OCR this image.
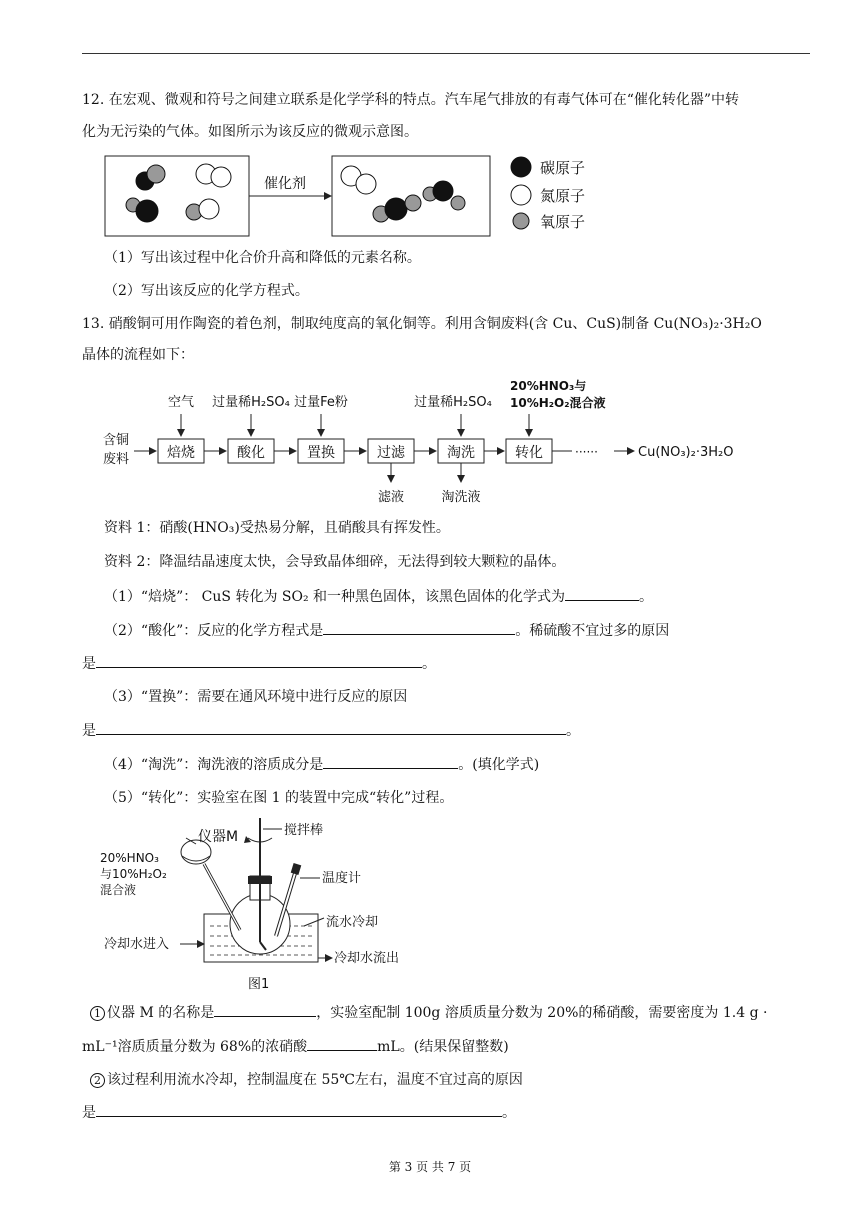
12. 在宏观、微观和符号之间建立联系是化学学科的特点。汽车尾气排放的有毒气体可在“催化转化器”中转
化为无污染的气体。如图所示为该反应的微观示意图。
催化剂
碳原子
氮原子
氧原子
（1）写出该过程中化合价升高和降低的元素名称。
（2）写出该反应的化学方程式。
13. 硝酸铜可用作陶瓷的着色剂，制取纯度高的氧化铜等。利用含铜废料(含 Cu、CuS)制备 Cu(NO₃)₂·3H₂O
晶体的流程如下：
含铜
废料	焙烧	酸化	置换	过滤	淘洗	转化	······	Cu(NO₃)₂·3H₂O
空气 过量稀H₂SO₄ 过量Fe粉	过量稀H₂SO₄
20%HNO₃与
10%H₂O₂混合液
滤液	淘洗液
资料 1：硝酸(HNO₃)受热易分解，且硝酸具有挥发性。
资料 2：降温结晶速度太快，会导致晶体细碎，无法得到较大颗粒的晶体。
（1）“焙烧”： CuS 转化为 SO₂ 和一种黑色固体，该黑色固体的化学式为	。
（2）“酸化”：反应的化学方程式是	。稀硫酸不宜过多的原因
是	。
（3）“置换”：需要在通风环境中进行反应的原因
是	。
（4）“淘洗”：淘洗液的溶质成分是	。(填化学式)
（5）“转化”：实验室在图 1 的装置中完成“转化”过程。
仪器M	搅拌棒
温度计
20%HNO₃
与10%H₂O₂
混合液
流水冷却
冷却水进入
冷却水流出
图1
1 仪器 M 的名称是	，实验室配制 100g 溶质质量分数为 20%的稀硝酸，需要密度为 1.4 g ·
mL⁻¹溶质质量分数为 68%的浓硝酸	mL。(结果保留整数)
2 该过程利用流水冷却，控制温度在 55℃左右，温度不宜过高的原因
是	。
第 3 页 共 7 页
